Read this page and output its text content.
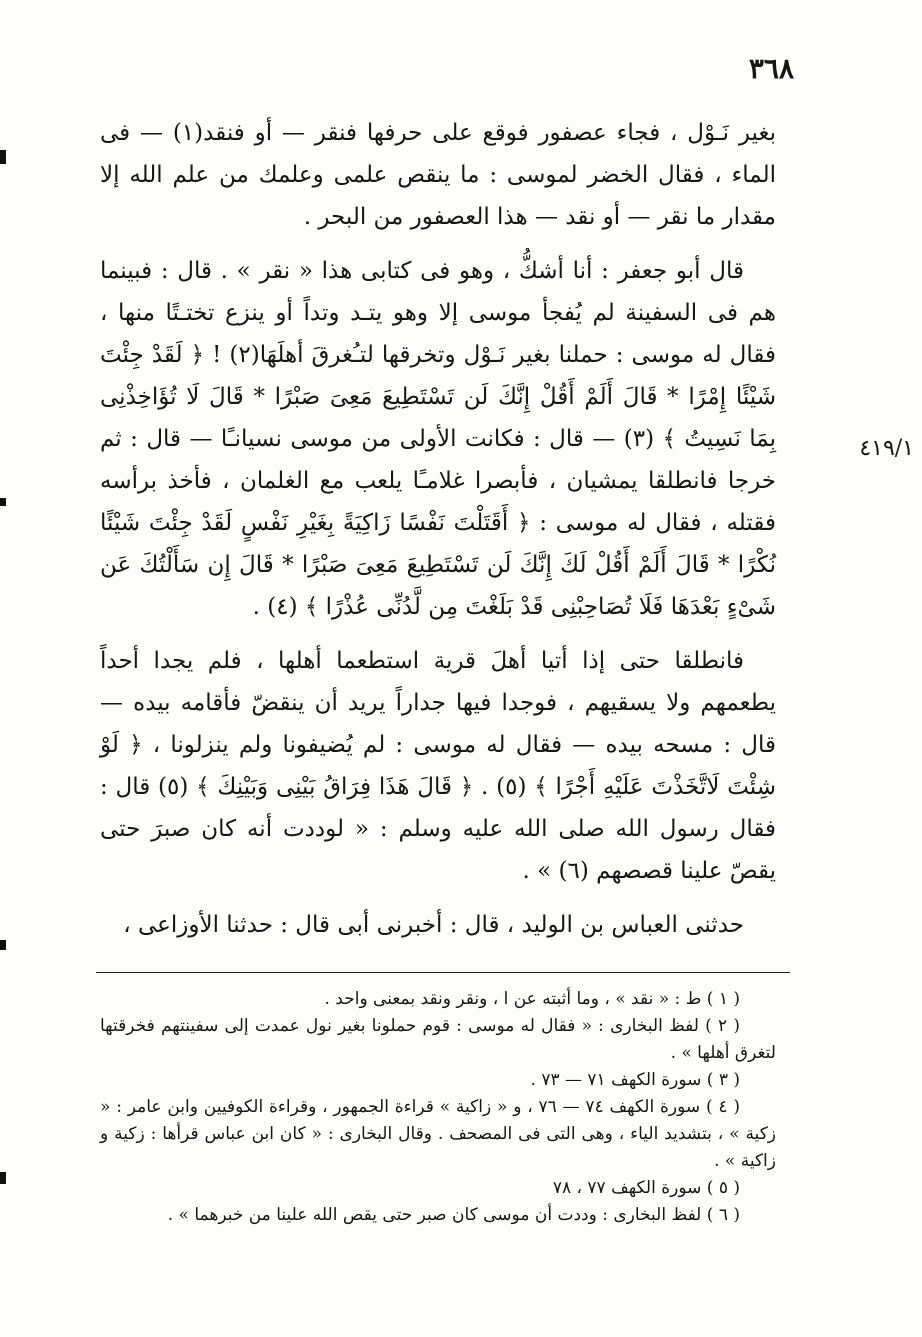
٣٦٨
٤١٩/١

بغير نَـوْل ، فجاء عصفور فوقع على حرفها فنقر — أو فنقد(١) — فى الماء ، فقال الخضر لموسى : ما ينقص علمى وعلمك من علم الله إلا مقدار ما نقر — أو نقد — هذا العصفور من البحر .

قال أبو جعفر : أنا أشكُّ ، وهو فى كتابى هذا « نقر » . قال : فبينما هم فى السفينة لم يُفجأ موسى إلا وهو يتـد وتداً أو ينزع تختـتًا منها ، فقال له موسى : حملنا بغير نَـوْل وتخرقها لتـُغرقَ أهلَهَا(٢) ! ﴿ لَقَدْ جِئْتَ شَيْئًا إِمْرًا * قَالَ أَلَمْ أَقُلْ إِنَّكَ لَن تَسْتَطِيعَ مَعِىَ صَبْرًا * قَالَ لَا تُؤَاخِذْنِى بِمَا نَسِيتُ ﴾ (٣) — قال : فكانت الأولى من موسى نسيانـًا — قال : ثم خرجا فانطلقا يمشيان ، فأبصرا غلامـًا يلعب مع الغلمان ، فأخذ برأسه فقتله ، فقال له موسى : ﴿ أَقَتَلْتَ نَفْسًا زَاكِيَةً بِغَيْرِ نَفْسٍ لَقَدْ جِئْتَ شَيْئًا نُكْرًا * قَالَ أَلَمْ أَقُلْ لَكَ إِنَّكَ لَن تَسْتَطِيعَ مَعِىَ صَبْرًا * قَالَ إِن سَأَلْتُكَ عَن شَىْءٍ بَعْدَهَا فَلَا تُصَاحِبْنِى قَدْ بَلَغْتَ مِن لَّدُنِّى عُذْرًا ﴾ (٤) .

فانطلقا حتى إذا أتيا أهلَ قرية استطعما أهلها ، فلم يجدا أحداً يطعمهم ولا يسقيهم ، فوجدا فيها جداراً يريد أن ينقضّ فأقامه بيده — قال : مسحه بيده — فقال له موسى : لم يُضيفونا ولم ينزلونا ، ﴿ لَوْ شِئْتَ لَاتَّخَذْتَ عَلَيْهِ أَجْرًا ﴾ (٥) . ﴿ قَالَ هَذَا فِرَاقُ بَيْنِى وَبَيْنِكَ ﴾ (٥) قال : فقال رسول الله صلى الله عليه وسلم : « لوددت أنه كان صبرَ حتى يقصّ علينا قصصهم (٦) » .

حدثنى العباس بن الوليد ، قال : أخبرنى أبى قال : حدثنا الأوزاعى ،

( ١ ) ط : « نقد » ، وما أثبته عن ا ، ونقر ونقد بمعنى واحد .

( ٢ ) لفظ البخارى : « فقال له موسى : قوم حملونا بغير نول عمدت إلى سفينتهم فخرقتها لتغرق أهلها » .

( ٣ ) سورة الكهف ٧١ — ٧٣ .

( ٤ ) سورة الكهف ٧٤ — ٧٦ ، و « زاكية » قراءة الجمهور ، وقراءة الكوفيين وابن عامر : « زكية » ، بتشديد الياء ، وهى التى فى المصحف . وقال البخارى : « كان ابن عباس قرأها : زكية و زاكية » .

( ٥ ) سورة الكهف ٧٧ ، ٧٨

( ٦ ) لفظ البخارى : وددت أن موسى كان صبر حتى يقص الله علينا من خبرهما » .
